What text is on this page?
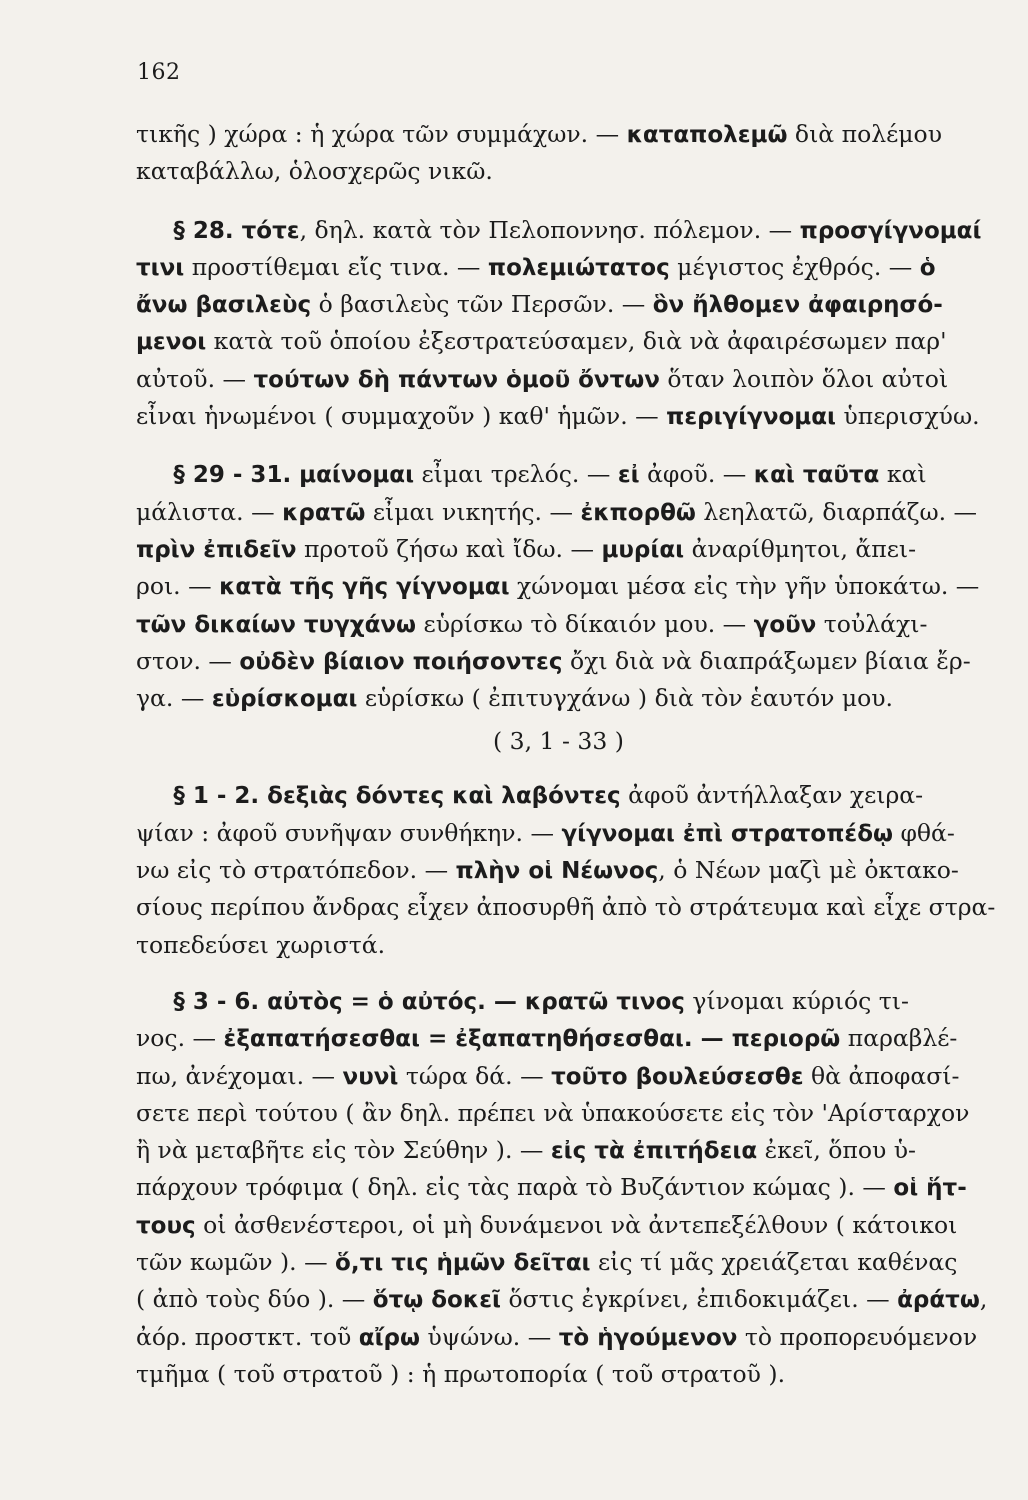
162
τικῆς ) χώρα : ἡ χώρα τῶν συμμάχων. — καταπολεμῶ διὰ πολέμου
καταβάλλω, ὁλοσχερῶς νικῶ.
§ 28. τότε, δηλ. κατὰ τὸν Πελοποννησ. πόλεμον. — προσγίγνομαί
τινι προστίθεμαι εἴς τινα. — πολεμιώτατος μέγιστος ἐχθρός. — ὁ
ἄνω βασιλεὺς ὁ βασιλεὺς τῶν Περσῶν. — ὃν ἤλθομεν ἀφαιρησό-
μενοι κατὰ τοῦ ὁποίου ἐξεστρατεύσαμεν, διὰ νὰ ἀφαιρέσωμεν παρ'
αὐτοῦ. — τούτων δὴ πάντων ὁμοῦ ὄντων ὅταν λοιπὸν ὅλοι αὐτοὶ
εἶναι ἡνωμένοι ( συμμαχοῦν ) καθ' ἡμῶν. — περιγίγνομαι ὑπερισχύω.
§ 29 - 31. μαίνομαι εἶμαι τρελός. — εἰ ἀφοῦ. — καὶ ταῦτα καὶ
μάλιστα. — κρατῶ εἶμαι νικητής. — ἐκπορθῶ λεηλατῶ, διαρπάζω. —
πρὶν ἐπιδεῖν προτοῦ ζήσω καὶ ἴδω. — μυρίαι ἀναρίθμητοι, ἄπει-
ροι. — κατὰ τῆς γῆς γίγνομαι χώνομαι μέσα εἰς τὴν γῆν ὑποκάτω. —
τῶν δικαίων τυγχάνω εὑρίσκω τὸ δίκαιόν μου. — γοῦν τοὐλάχι-
στον. — οὐδὲν βίαιον ποιήσοντες ὄχι διὰ νὰ διαπράξωμεν βίαια ἔρ-
γα. — εὑρίσκομαι εὑρίσκω ( ἐπιτυγχάνω ) διὰ τὸν ἑαυτόν μου.
( 3, 1 - 33 )
§ 1 - 2. δεξιὰς δόντες καὶ λαβόντες ἀφοῦ ἀντήλλαξαν χειρα-
ψίαν : ἀφοῦ συνῆψαν συνθήκην. — γίγνομαι ἐπὶ στρατοπέδῳ φθά-
νω εἰς τὸ στρατόπεδον. — πλὴν οἱ Νέωνος, ὁ Νέων μαζὶ μὲ ὀκτακο-
σίους περίπου ἄνδρας εἶχεν ἀποσυρθῆ ἀπὸ τὸ στράτευμα καὶ εἶχε στρα-
τοπεδεύσει χωριστά.
§ 3 - 6. αὐτὸς = ὁ αὐτός. — κρατῶ τινος γίνομαι κύριός τι-
νος. — ἐξαπατήσεσθαι = ἐξαπατηθήσεσθαι. — περιορῶ παραβλέ-
πω, ἀνέχομαι. — νυνὶ τώρα δά. — τοῦτο βουλεύσεσθε θὰ ἀποφασί-
σετε περὶ τούτου ( ἂν δηλ. πρέπει νὰ ὑπακούσετε εἰς τὸν 'Αρίσταρχον
ἢ νὰ μεταβῆτε εἰς τὸν Σεύθην ). — εἰς τὰ ἐπιτήδεια ἐκεῖ, ὅπου ὑ-
πάρχουν τρόφιμα ( δηλ. εἰς τὰς παρὰ τὸ Βυζάντιον κώμας ). — οἱ ἥτ-
τους οἱ ἀσθενέστεροι, οἱ μὴ δυνάμενοι νὰ ἀντεπεξέλθουν ( κάτοικοι
τῶν κωμῶν ). — ὅ,τι τις ἡμῶν δεῖται εἰς τί μᾶς χρειάζεται καθένας
( ἀπὸ τοὺς δύο ). — ὅτῳ δοκεῖ ὅστις ἐγκρίνει, ἐπιδοκιμάζει. — ἀράτω,
ἀόρ. προστκτ. τοῦ αἴρω ὑψώνω. — τὸ ἡγούμενον τὸ προπορευόμενον
τμῆμα ( τοῦ στρατοῦ ) : ἡ πρωτοπορία ( τοῦ στρατοῦ ).
